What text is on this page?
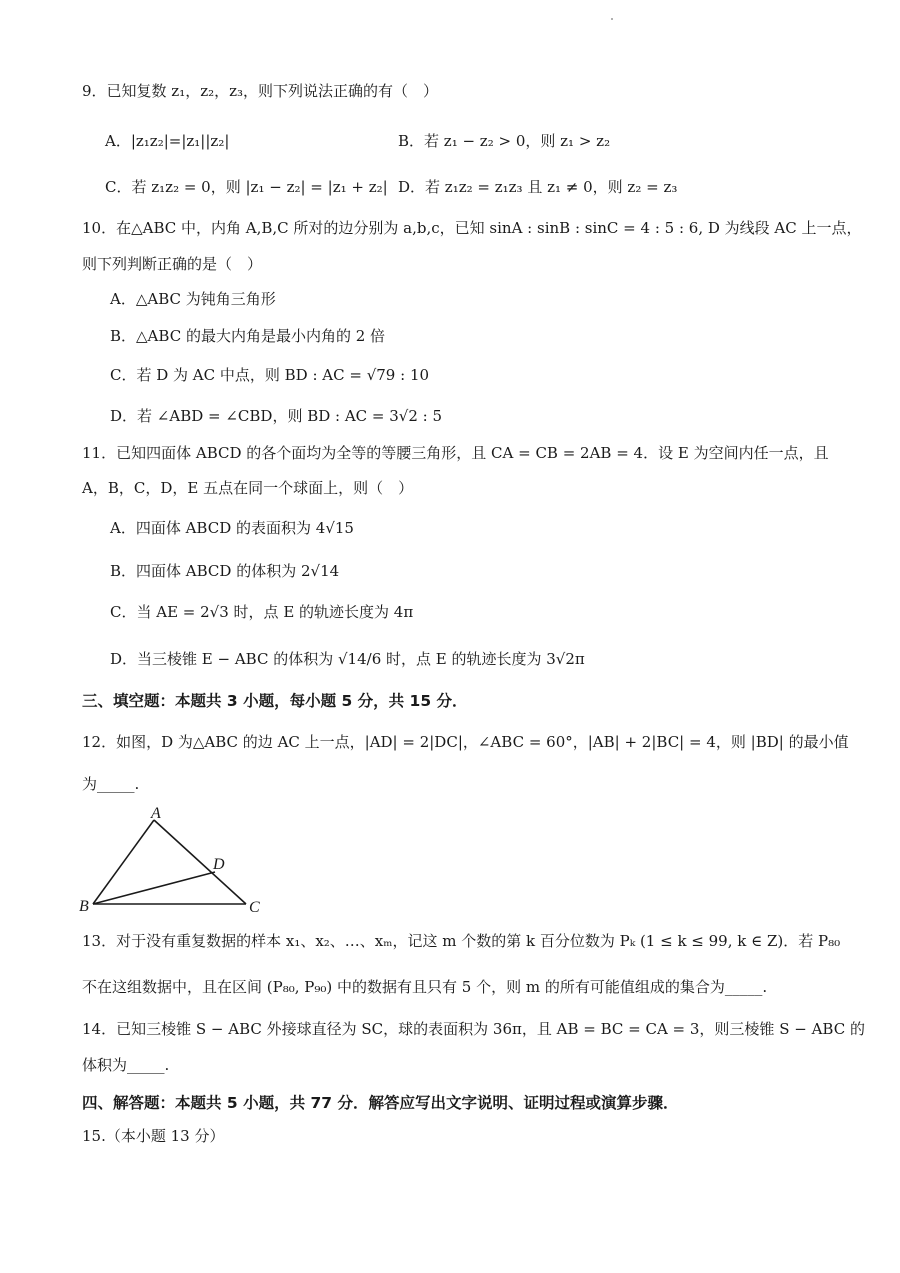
9．已知复数 z₁，z₂，z₃，则下列说法正确的有（　）
A．|z₁z₂|=|z₁||z₂|	B．若 z₁ − z₂ > 0，则 z₁ > z₂
C．若 z₁z₂ = 0，则 |z₁ − z₂| = |z₁ + z₂| D．若 z₁z₂ = z₁z₃ 且 z₁ ≠ 0，则 z₂ = z₃
10．在△ABC 中，内角 A,B,C 所对的边分别为 a,b,c，已知 sinA : sinB : sinC = 4 : 5 : 6, D 为线段 AC 上一点，
则下列判断正确的是（　）
A．△ABC 为钝角三角形
B．△ABC 的最大内角是最小内角的 2 倍
C．若 D 为 AC 中点，则 BD : AC = √79 : 10
D．若 ∠ABD = ∠CBD，则 BD : AC = 3√2 : 5
11．已知四面体 ABCD 的各个面均为全等的等腰三角形，且 CA = CB = 2AB = 4．设 E 为空间内任一点，且
A，B，C，D，E 五点在同一个球面上，则（　）
A．四面体 ABCD 的表面积为 4√15
B．四面体 ABCD 的体积为 2√14
C．当 AE = 2√3 时，点 E 的轨迹长度为 4π
D．当三棱锥 E − ABC 的体积为 √14/6 时，点 E 的轨迹长度为 3√2π
三、填空题：本题共 3 小题，每小题 5 分，共 15 分．
12．如图，D 为△ABC 的边 AC 上一点，|AD| = 2|DC|，∠ABC = 60°，|AB| + 2|BC| = 4，则 |BD| 的最小值
为_____.
A
B	C
D
13．对于没有重复数据的样本 x₁、x₂、…、xₘ，记这 m 个数的第 k 百分位数为 Pₖ (1 ≤ k ≤ 99, k ∈ Z)．若 P₈₀
不在这组数据中，且在区间 (P₈₀, P₉₀) 中的数据有且只有 5 个，则 m 的所有可能值组成的集合为_____.
14．已知三棱锥 S − ABC 外接球直径为 SC，球的表面积为 36π，且 AB = BC = CA = 3，则三棱锥 S − ABC 的
体积为_____.
四、解答题：本题共 5 小题，共 77 分．解答应写出文字说明、证明过程或演算步骤．
15.（本小题 13 分）
